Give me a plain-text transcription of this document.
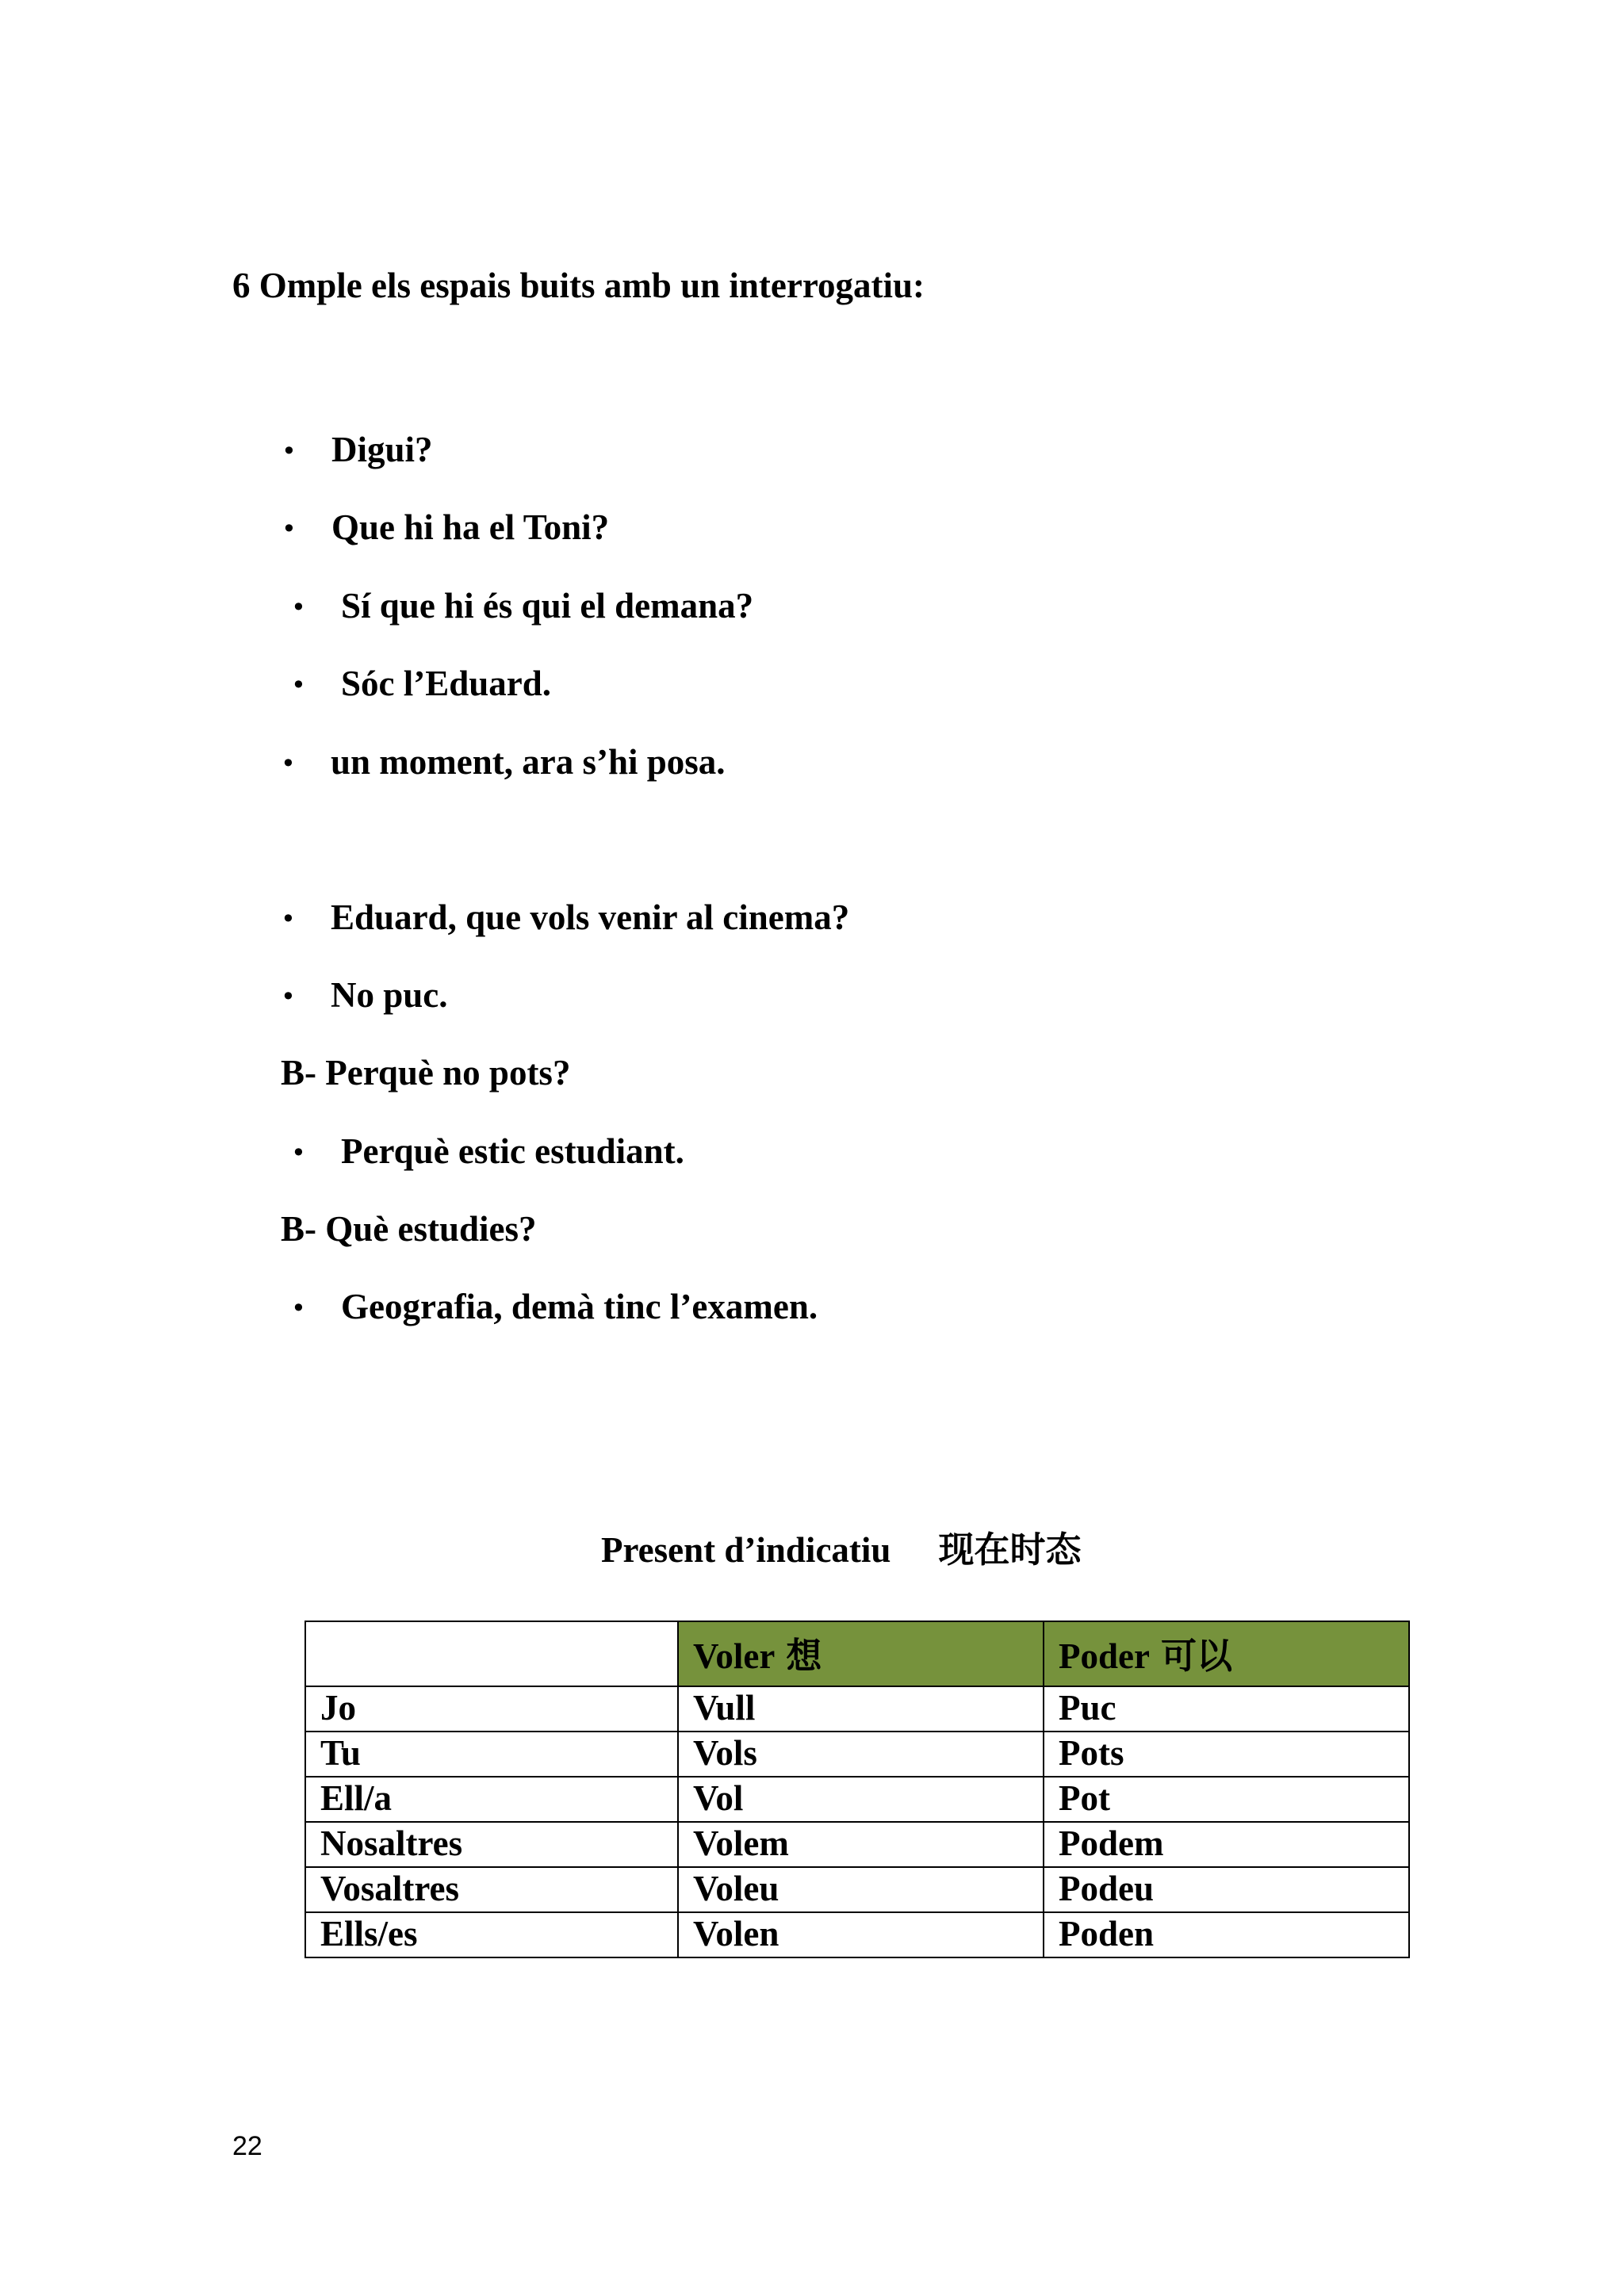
6 Omple els espais buits amb un interrogatiu:
• Digui?
• Que hi ha el Toni?
• Sí que hi és qui el demana?
• Sóc l’Eduard.
• un moment, ara s’hi posa.
• Eduard, que vols venir al cinema?
• No puc.
B- Perquè no pots?
• Perquè estic estudiant.
B- Què estudies?
• Geografia, demà tinc l’examen.
Present d’indicatiu 现在时态
	Voler 想	Poder 可以
Jo	Vull	Puc
Tu	Vols	Pots
Ell/a	Vol	Pot
Nosaltres	Volem	Podem
Vosaltres	Voleu	Podeu
Ells/es	Volen	Poden
22
